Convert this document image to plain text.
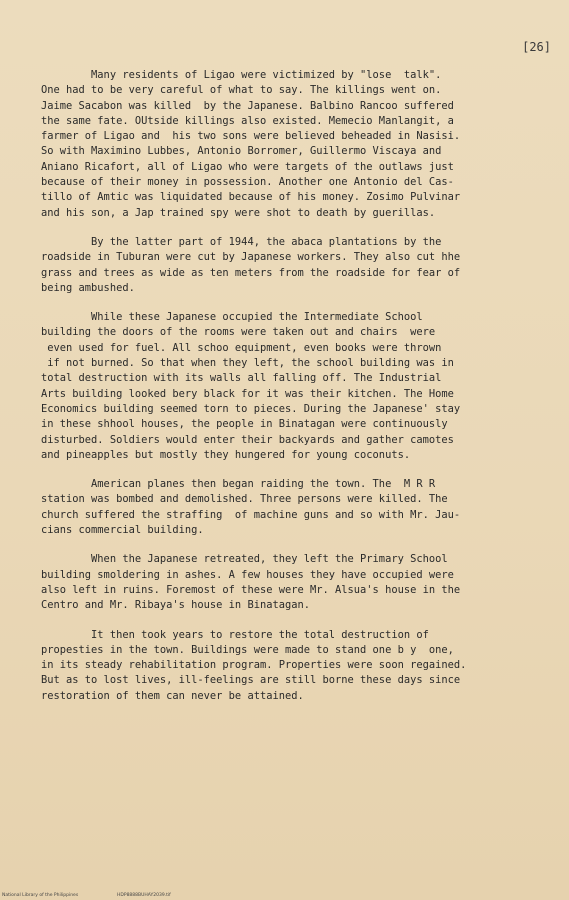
[26]
Many residents of Ligao were victimized by "lose  talk".
One had to be very careful of what to say. The killings went on.
Jaime Sacabon was killed  by the Japanese. Balbino Rancoo suffered
the same fate. OUtside killings also existed. Memecio Manlangit, a
farmer of Ligao and  his two sons were believed beheaded in Nasisi.
So with Maximino Lubbes, Antonio Borromer, Guillermo Viscaya and
Aniano Ricafort, all of Ligao who were targets of the outlaws just
because of their money in possession. Another one Antonio del Cas-
tillo of Amtic was liquidated because of his money. Zosimo Pulvinar
and his son, a Jap trained spy were shot to death by guerillas.
By the latter part of 1944, the abaca plantations by the
roadside in Tuburan were cut by Japanese workers. They also cut hhe
grass and trees as wide as ten meters from the roadside for fear of
being ambushed.
While these Japanese occupied the Intermediate School
building the doors of the rooms were taken out and chairs  were
even used for fuel. All schoo equipment, even books were thrown
if not burned. So that when they left, the school building was in
total destruction with its walls all falling off. The Industrial
Arts building looked bery black for it was their kitchen. The Home
Economics building seemed torn to pieces. During the Japanese' stay
in these shhool houses, the people in Binatagan were continuously
disturbed. Soldiers would enter their backyards and gather camotes
and pineapples but mostly they hungered for young coconuts.
American planes then began raiding the town. The  M R R
station was bombed and demolished. Three persons were killed. The
church suffered the straffing  of machine guns and so with Mr. Jau-
cians commercial building.
When the Japanese retreated, they left the Primary School
building smoldering in ashes. A few houses they have occupied were
also left in ruins. Foremost of these were Mr. Alsua's house in the
Centro and Mr. Ribaya's house in Binatagan.
It then took years to restore the total destruction of
propesties in the town. Buildings were made to stand one b y  one,
in its steady rehabilitation program. Properties were soon regained.
But as to lost lives, ill-feelings are still borne these days since
restoration of them can never be attained.
National Library of the Philippines	HDP8888BUHAY2039.tif
